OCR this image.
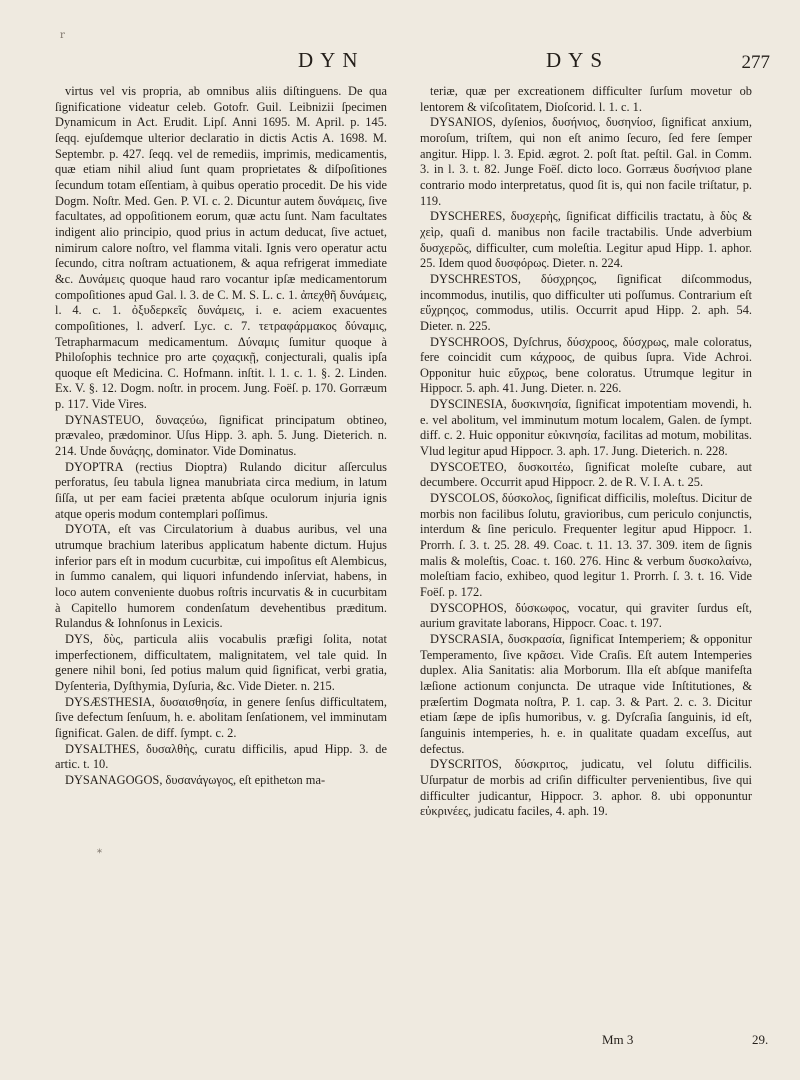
r
DYN	DYS	277

virtus vel vis propria, ab omnibus aliis diſtinguens. De qua ſignificatione videatur celeb. Gotofr. Guil. Leibnizii ſpecimen Dynamicum in Act. Erudit. Lipſ. Anni 1695. M. April. p. 145. ſeqq. ejuſdemque ulterior declaratio in dictis Actis A. 1698. M. Septembr. p. 427. ſeqq. vel de remediis, imprimis, medicamentis, quæ etiam nihil aliud ſunt quam proprietates & diſpoſitiones ſecundum totam eſſentiam, à quibus operatio procedit. De his vide Dogm. Noſtr. Med. Gen. P. VI. c. 2. Dicuntur autem δυνάμεις, ſive facultates, ad oppoſitionem eorum, quæ actu ſunt. Nam facultates indigent alio principio, quod prius in actum deducat, ſive actuet, nimirum calore noſtro, vel flamma vitali. Ignis vero operatur actu ſecundo, citra noſtram actuationem, & aqua refrigerat immediate &c. Δυνάμεις quoque haud raro vocantur ipſæ medicamentorum compoſitiones apud Gal. l. 3. de C. M. S. L. c. 1. ἀπεχθῆ δυνάμεις, l. 4. c. 1. ὀξυδερκεῖς δυνάμεις, i. e. aciem exacuentes compoſitiones, l. adverſ. Lyc. c. 7. τετραφάρμακος δύναμις, Tetrapharmacum medicamentum. Δύναμις ſumitur quoque à Philoſophis technice pro arte ςοχαςικῇ, conjecturali, qualis ipſa quoque eſt Medicina. C. Hofmann. inſtit. l. 1. c. 1. §. 2. Linden. Ex. V. §. 12. Dogm. noſtr. in procem. Jung. Foëſ. p. 170. Gorræum p. 117. Vide Vires.

DYNASTEUO, δυναςεύω, ſignificat principatum obtineo, prævaleo, prædominor. Uſus Hipp. 3. aph. 5. Jung. Dieterich. n. 214. Unde δυνάςης, dominator. Vide Dominatus.

DYOPTRA (rectius Dioptra) Rulando dicitur aſſerculus perforatus, ſeu tabula lignea manubriata circa medium, in latum ſiſſa, ut per eam faciei prætenta abſque oculorum injuria ignis atque operis modum contemplari poſſimus.

DYOTA, eſt vas Circulatorium à duabus auribus, vel una utrumque brachium lateribus applicatum habente dictum. Hujus inferior pars eſt in modum cucurbitæ, cui impoſitus eſt Alembicus, in ſummo canalem, qui liquori infundendo inſerviat, habens, in loco autem conveniente duobus roſtris incurvatis & in cucurbitam à Capitello humorem condenſatum devehentibus præditum. Rulandus & Iohnſonus in Lexicis.

DYS, δὺς, particula aliis vocabulis præfigi ſolita, notat imperfectionem, difficultatem, malignitatem, vel tale quid. In genere nihil boni, ſed potius malum quid ſignificat, verbi gratia, Dyſenteria, Dyſthymia, Dyſuria, &c. Vide Dieter. n. 215.

DYSÆSTHESIA, δυσαισθησία, in genere ſenſus difficultatem, ſive defectum ſenſuum, h. e. abolitam ſenſationem, vel imminutam ſignificat. Galen. de diff. ſympt. c. 2.

DYSALTHES, δυσαλθὴς, curatu difficilis, apud Hipp. 3. de artic. t. 10.

DYSANAGOGOS, δυσανάγωγος, eſt epithetωn ma-

*

teriæ, quæ per excreationem difficulter ſurſum movetur ob lentorem & viſcoſitatem, Dioſcorid. l. 1. c. 1.

DYSANIOS, dyſenios, δυσήνιος, δυσηνίοσ, ſignificat anxium, moroſum, triſtem, qui non eſt animo ſecuro, ſed fere ſemper angitur. Hipp. l. 3. Epid. ægrot. 2. poſt ſtat. peſtil. Gal. in Comm. 3. in l. 3. t. 82. Junge Foëſ. dicto loco. Gorræus δυσήνιοσ plane contrario modo interpretatus, quod ſit is, qui non facile triſtatur, p. 119.

DYSCHERES, δυσχερὴς, ſignificat difficilis tractatu, à δὺς & χεὶρ, quaſi d. manibus non facile tractabilis. Unde adverbium δυσχερῶς, difficulter, cum moleſtia. Legitur apud Hipp. 1. aphor. 25. Idem quod δυσφόρως. Dieter. n. 224.

DYSCHRESTOS, δύσχρηςος, ſignificat diſcommodus, incommodus, inutilis, quo difficulter uti poſſumus. Contrarium eſt εὔχρηςος, commodus, utilis. Occurrit apud Hipp. 2. aph. 54. Dieter. n. 225.

DYSCHROOS, Dyſchrus, δύσχροος, δύσχρως, male coloratus, fere coincidit cum κάχροος, de quibus ſupra. Vide Achroi. Opponitur huic εὔχρως, bene coloratus. Utrumque legitur in Hippocr. 5. aph. 41. Jung. Dieter. n. 226.

DYSCINESIA, δυσκινησία, ſignificat impotentiam movendi, h. e. vel abolitum, vel imminutum motum localem, Galen. de ſympt. diff. c. 2. Huic opponitur εὐκινησία, facilitas ad motum, mobilitas. Vlud legitur apud Hippocr. 3. aph. 17. Jung. Dieterich. n. 228.

DYSCOETEO, δυσκοιτέω, ſignificat moleſte cubare, aut decumbere. Occurrit apud Hippocr. 2. de R. V. I. A. t. 25.

DYSCOLOS, δύσκολος, ſignificat difficilis, moleſtus. Dicitur de morbis non facilibus ſolutu, gravioribus, cum periculo conjunctis, interdum & ſine periculo. Frequenter legitur apud Hippocr. 1. Prorrh. ſ. 3. t. 25. 28. 49. Coac. t. 11. 13. 37. 309. item de ſignis malis & moleſtis, Coac. t. 160. 276. Hinc & verbum δυσκολαίνω, moleſtiam facio, exhibeo, quod legitur 1. Prorrh. ſ. 3. t. 16. Vide Foëſ. p. 172.

DYSCOPHOS, δύσκωφος, vocatur, qui graviter ſurdus eſt, aurium gravitate laborans, Hippocr. Coac. t. 197.

DYSCRASIA, δυσκρασία, ſignificat Intemperiem; & opponitur Temperamento, ſive κρᾶσει. Vide Craſis. Eſt autem Intemperies duplex. Alia Sanitatis: alia Morborum. Illa eſt abſque manifeſta læſione actionum conjuncta. De utraque vide Inſtitutiones, & præſertim Dogmata noſtra, P. 1. cap. 3. & Part. 2. c. 3. Dicitur etiam ſæpe de ipſis humoribus, v. g. Dyſcraſia ſanguinis, id eſt, ſanguinis intemperies, h. e. in qualitate quadam exceſſus, aut defectus.

DYSCRITOS, δύσκριτος, judicatu, vel ſolutu difficilis. Uſurpatur de morbis ad criſin difficulter pervenientibus, ſive qui difficulter judicantur, Hippocr. 3. aphor. 8. ubi opponuntur εὐκρινέες, judicatu faciles, 4. aph. 19.

Mm 3	29.
